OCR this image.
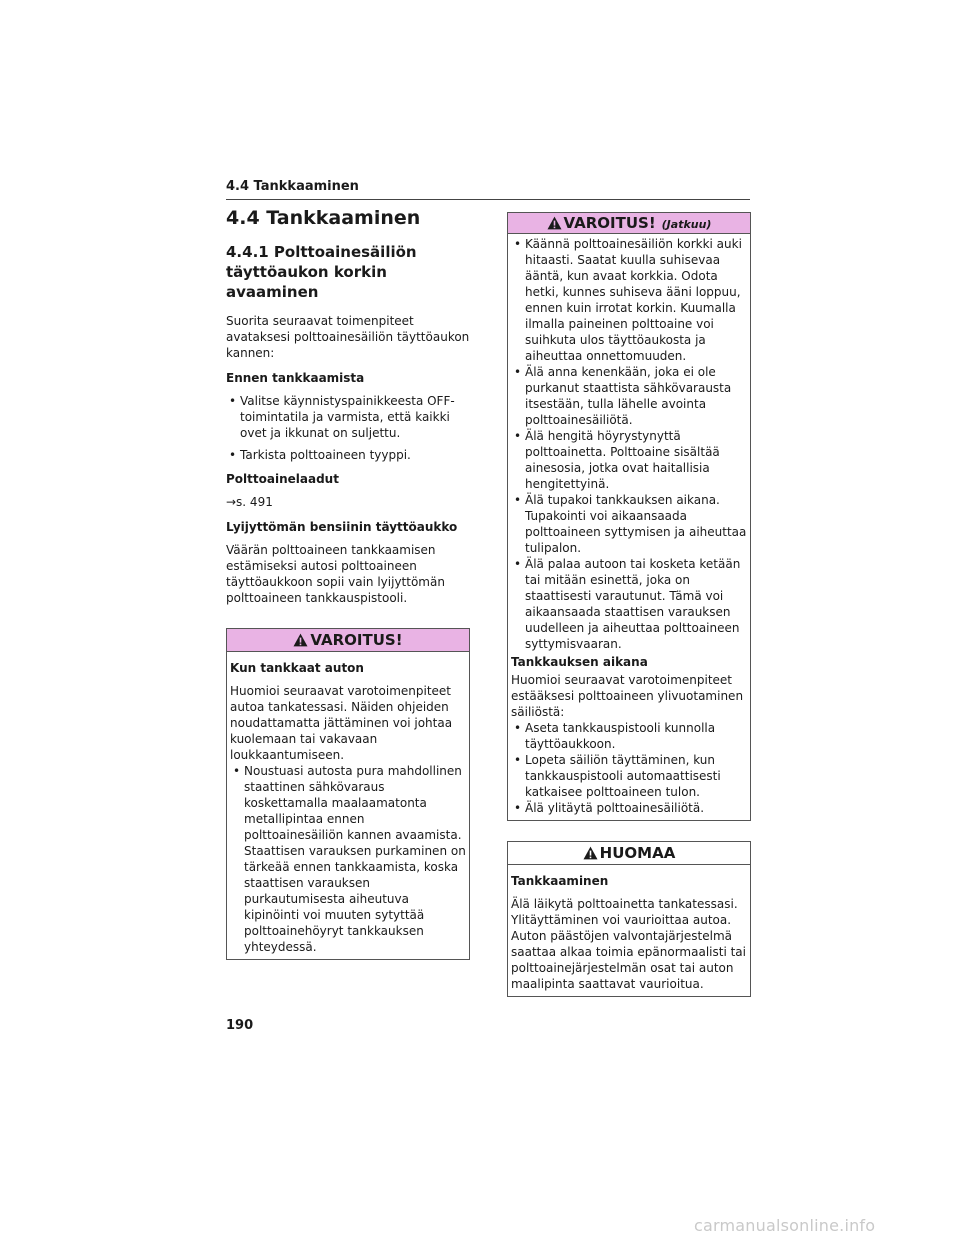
4.4 Tankkaaminen
4.4 Tankkaaminen
4.4.1 Polttoainesäiliön täyttöaukon korkin avaaminen
Suorita seuraavat toimenpiteet avataksesi polttoainesäiliön täyttöaukon kannen:
Ennen tankkaamista
• Valitse käynnistyspainikkeesta OFF-toimintatila ja varmista, että kaikki ovet ja ikkunat on suljettu.
• Tarkista polttoaineen tyyppi.
Polttoainelaadut
→s. 491
Lyijyttömän bensiinin täyttöaukko
Väärän polttoaineen tankkaamisen estämiseksi autosi polttoaineen täyttöaukkoon sopii vain lyijyttömän polttoaineen tankkauspistooli.
VAROITUS!
Kun tankkaat auton
Huomioi seuraavat varotoimenpiteet autoa tankatessasi. Näiden ohjeiden noudattamatta jättäminen voi johtaa kuolemaan tai vakavaan loukkaantumiseen.
• Noustuasi autosta pura mahdollinen staattinen sähkövaraus koskettamalla maalaamatonta metallipintaa ennen polttoainesäiliön kannen avaamista. Staattisen varauksen purkaminen on tärkeää ennen tankkaamista, koska staattisen varauksen purkautumisesta aiheutuva kipinöinti voi muuten sytyttää polttoainehöyryt tankkauksen yhteydessä.
VAROITUS! (Jatkuu)
• Käännä polttoainesäiliön korkki auki hitaasti. Saatat kuulla suhisevaa ääntä, kun avaat korkkia. Odota hetki, kunnes suhiseva ääni loppuu, ennen kuin irrotat korkin. Kuumalla ilmalla paineinen polttoaine voi suihkuta ulos täyttöaukosta ja aiheuttaa onnettomuuden.
• Älä anna kenenkään, joka ei ole purkanut staattista sähkövarausta itsestään, tulla lähelle avointa polttoainesäiliötä.
• Älä hengitä höyrystynyttä polttoainetta. Polttoaine sisältää ainesosia, jotka ovat haitallisia hengitettyinä.
• Älä tupakoi tankkauksen aikana. Tupakointi voi aikaansaada polttoaineen syttymisen ja aiheuttaa tulipalon.
• Älä palaa autoon tai kosketa ketään tai mitään esinettä, joka on staattisesti varautunut. Tämä voi aikaansaada staattisen varauksen uudelleen ja aiheuttaa polttoaineen syttymisvaaran.
Tankkauksen aikana
Huomioi seuraavat varotoimenpiteet estääksesi polttoaineen ylivuotaminen säiliöstä:
• Aseta tankkauspistooli kunnolla täyttöaukkoon.
• Lopeta säiliön täyttäminen, kun tankkauspistooli automaattisesti katkaisee polttoaineen tulon.
• Älä ylitäytä polttoainesäiliötä.
HUOMAA
Tankkaaminen
Älä läikytä polttoainetta tankatessasi. Ylitäyttäminen voi vaurioittaa autoa. Auton päästöjen valvontajärjestelmä saattaa alkaa toimia epänormaalisti tai polttoainejärjestelmän osat tai auton maalipinta saattavat vaurioitua.
190
carmanualsonline.info
